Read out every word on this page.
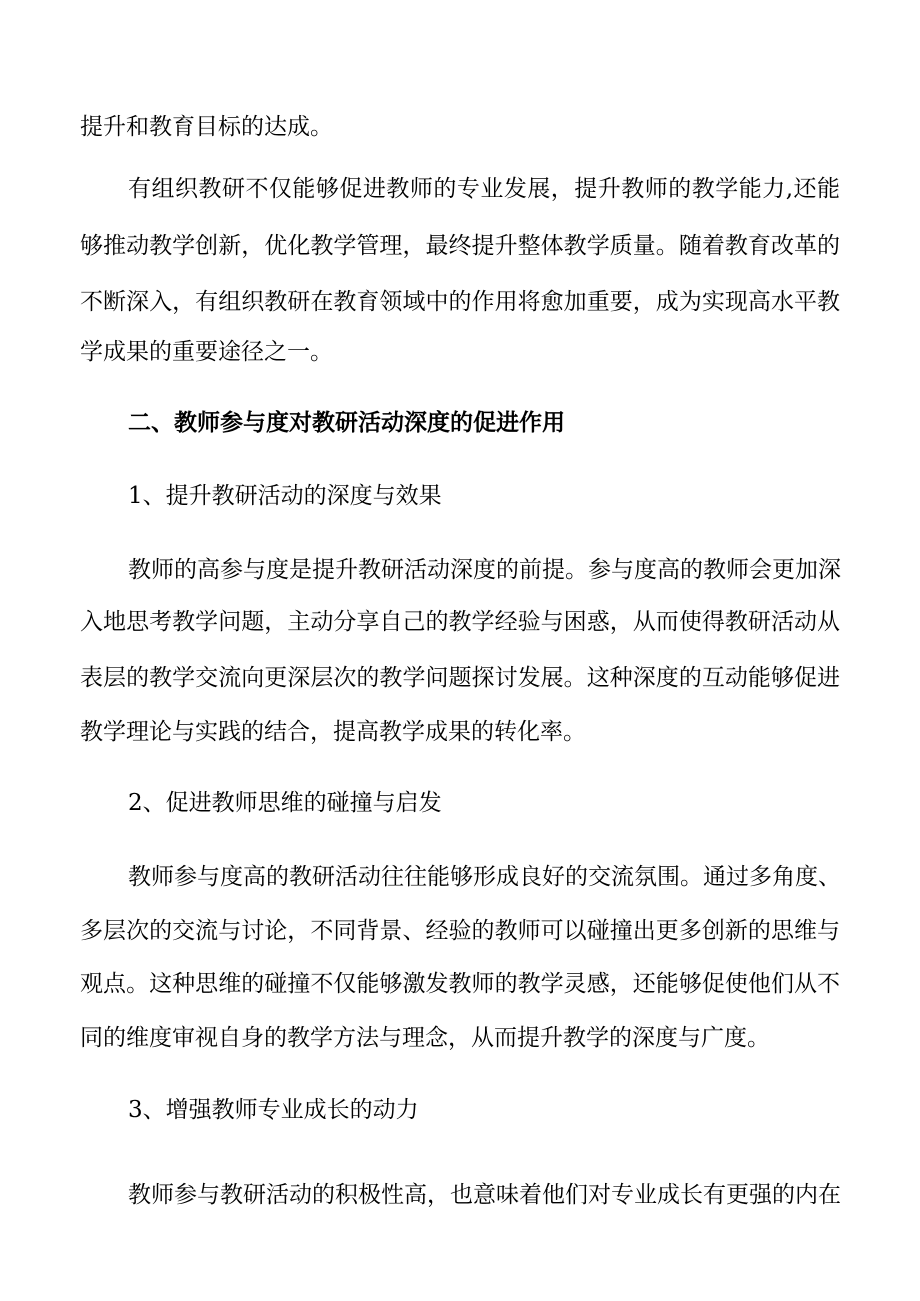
提升和教育目标的达成。

有组织教研不仅能够促进教师的专业发展，提升教师的教学能力,还能

够推动教学创新，优化教学管理，最终提升整体教学质量。随着教育改革的

不断深入，有组织教研在教育领域中的作用将愈加重要，成为实现高水平教

学成果的重要途径之一。

二、教师参与度对教研活动深度的促进作用

1、提升教研活动的深度与效果

教师的高参与度是提升教研活动深度的前提。参与度高的教师会更加深

入地思考教学问题，主动分享自己的教学经验与困惑，从而使得教研活动从

表层的教学交流向更深层次的教学问题探讨发展。这种深度的互动能够促进

教学理论与实践的结合，提高教学成果的转化率。

2、促进教师思维的碰撞与启发

教师参与度高的教研活动往往能够形成良好的交流氛围。通过多角度、

多层次的交流与讨论，不同背景、经验的教师可以碰撞出更多创新的思维与

观点。这种思维的碰撞不仅能够激发教师的教学灵感，还能够促使他们从不

同的维度审视自身的教学方法与理念，从而提升教学的深度与广度。

3、增强教师专业成长的动力

教师参与教研活动的积极性高，也意味着他们对专业成长有更强的内在
